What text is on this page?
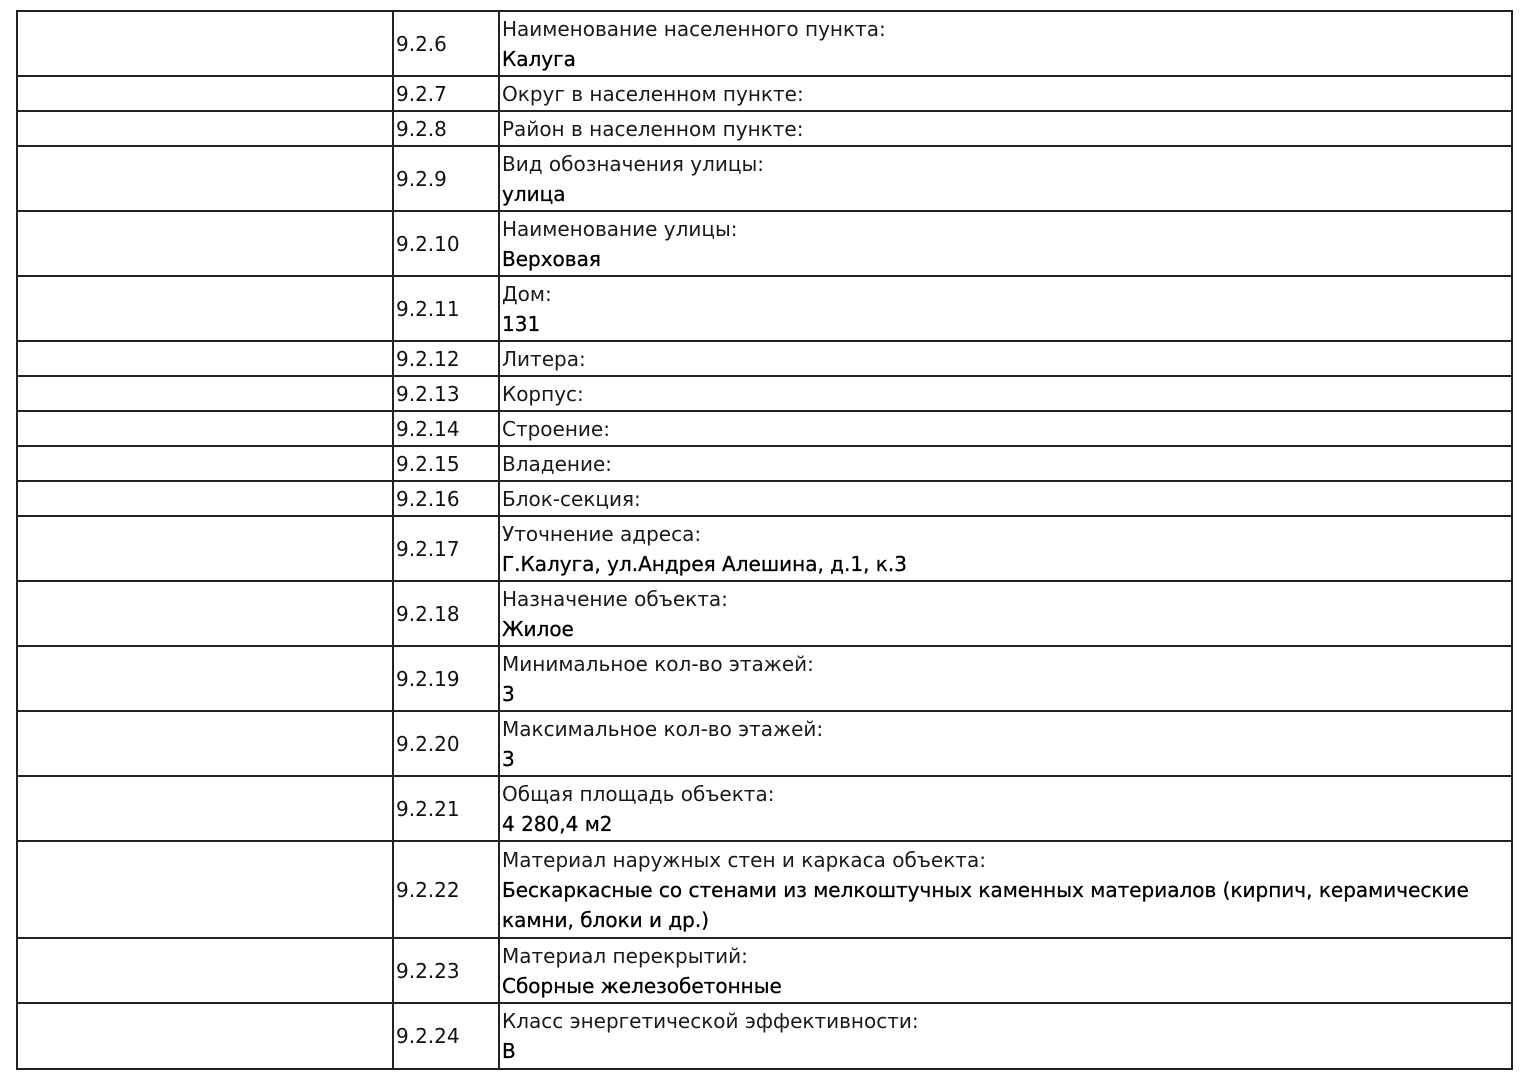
	9.2.6	Наименование населенного пункта:
Калуга

	9.2.7	Округ в населенном пункте:

	9.2.8	Район в населенном пункте:

	9.2.9	Вид обозначения улицы:
улица

	9.2.10	Наименование улицы:
Верховая

	9.2.11	Дом:
131

	9.2.12	Литера:

	9.2.13	Корпус:

	9.2.14	Строение:

	9.2.15	Владение:

	9.2.16	Блок-секция:

	9.2.17	Уточнение адреса:
Г.Калуга, ул.Андрея Алешина, д.1, к.3

	9.2.18	Назначение объекта:
Жилое

	9.2.19	Минимальное кол-во этажей:
3

	9.2.20	Максимальное кол-во этажей:
3

	9.2.21	Общая площадь объекта:
4 280,4 м2

	9.2.22	Материал наружных стен и каркаса объекта:
Бескаркасные со стенами из мелкоштучных каменных материалов (кирпич, керамические камни, блоки и др.)

	9.2.23	Материал перекрытий:
Сборные железобетонные

	9.2.24	Класс энергетической эффективности:
В
